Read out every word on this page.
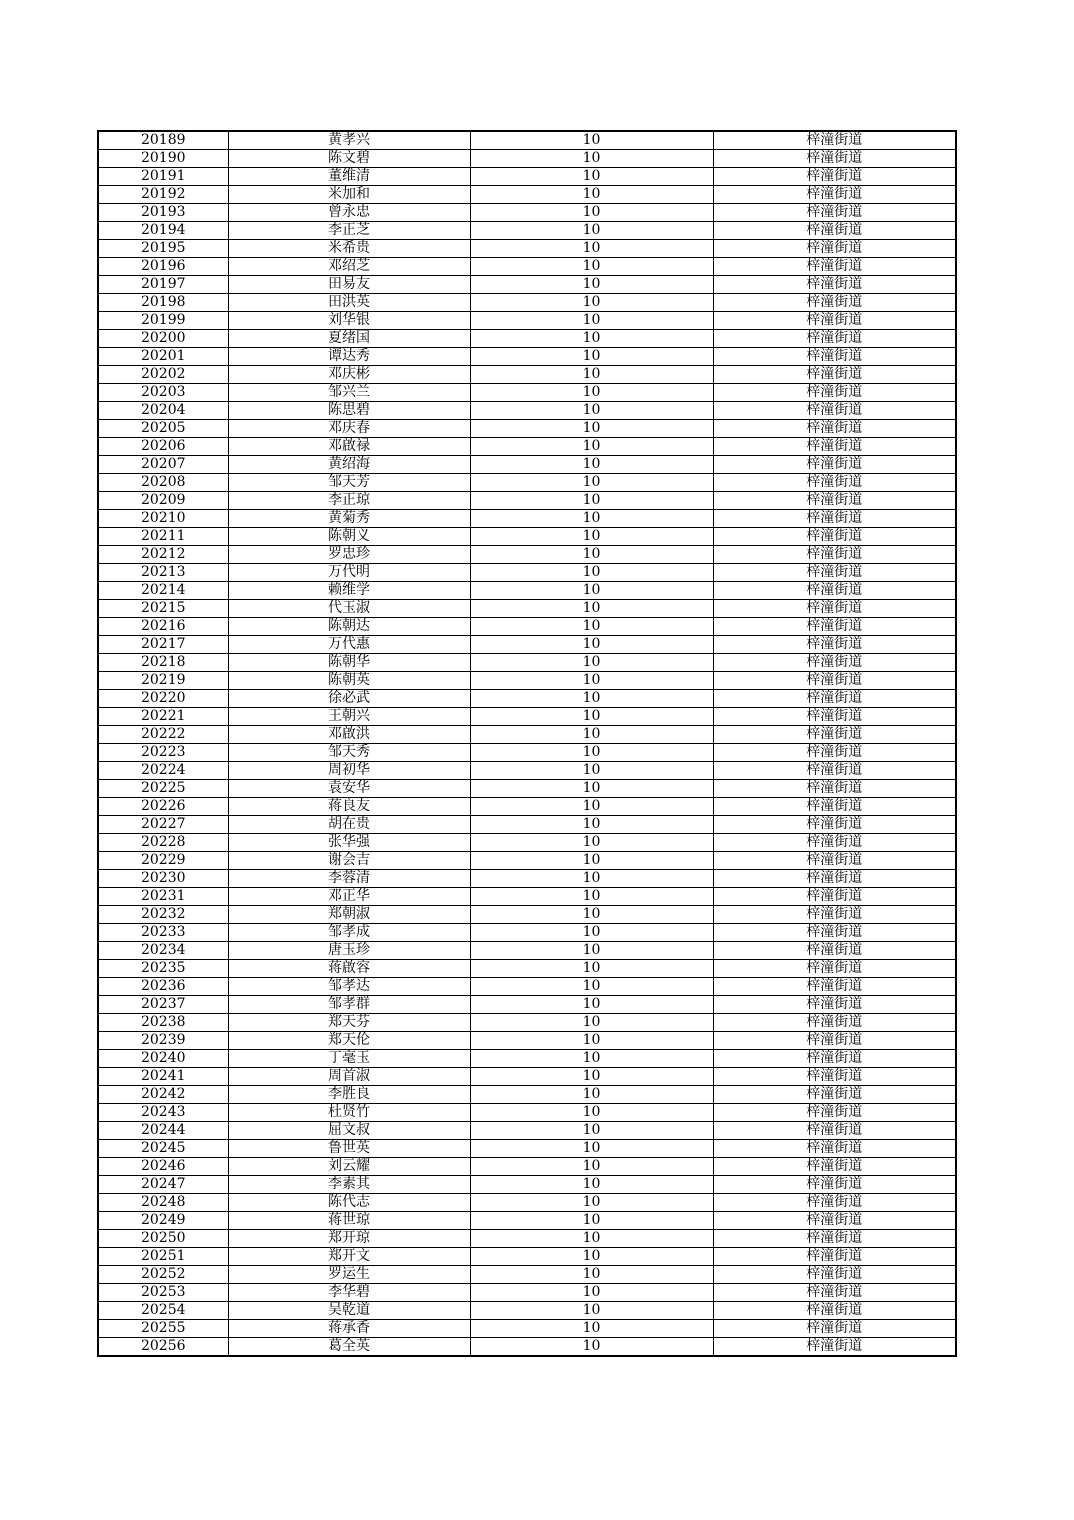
20189	黄孝兴	10	梓潼街道
20190	陈文碧	10	梓潼街道
20191	董维清	10	梓潼街道
20192	米加和	10	梓潼街道
20193	曾永忠	10	梓潼街道
20194	李正芝	10	梓潼街道
20195	米希贵	10	梓潼街道
20196	邓绍芝	10	梓潼街道
20197	田易友	10	梓潼街道
20198	田洪英	10	梓潼街道
20199	刘华银	10	梓潼街道
20200	夏绪国	10	梓潼街道
20201	谭达秀	10	梓潼街道
20202	邓庆彬	10	梓潼街道
20203	邹兴兰	10	梓潼街道
20204	陈思碧	10	梓潼街道
20205	邓庆春	10	梓潼街道
20206	邓啟禄	10	梓潼街道
20207	黄绍海	10	梓潼街道
20208	邹天芳	10	梓潼街道
20209	李正琼	10	梓潼街道
20210	黄菊秀	10	梓潼街道
20211	陈朝义	10	梓潼街道
20212	罗忠珍	10	梓潼街道
20213	万代明	10	梓潼街道
20214	赖维学	10	梓潼街道
20215	代玉淑	10	梓潼街道
20216	陈朝达	10	梓潼街道
20217	万代惠	10	梓潼街道
20218	陈朝华	10	梓潼街道
20219	陈朝英	10	梓潼街道
20220	徐必武	10	梓潼街道
20221	王朝兴	10	梓潼街道
20222	邓啟洪	10	梓潼街道
20223	邹天秀	10	梓潼街道
20224	周初华	10	梓潼街道
20225	袁安华	10	梓潼街道
20226	蒋良友	10	梓潼街道
20227	胡在贵	10	梓潼街道
20228	张华强	10	梓潼街道
20229	谢会吉	10	梓潼街道
20230	李蓉清	10	梓潼街道
20231	邓正华	10	梓潼街道
20232	郑朝淑	10	梓潼街道
20233	邹孝成	10	梓潼街道
20234	唐玉珍	10	梓潼街道
20235	蒋啟容	10	梓潼街道
20236	邹孝达	10	梓潼街道
20237	邹孝群	10	梓潼街道
20238	郑天芬	10	梓潼街道
20239	郑天伦	10	梓潼街道
20240	丁毫玉	10	梓潼街道
20241	周首淑	10	梓潼街道
20242	李胜良	10	梓潼街道
20243	杜贤竹	10	梓潼街道
20244	屈文叔	10	梓潼街道
20245	鲁世英	10	梓潼街道
20246	刘云耀	10	梓潼街道
20247	李素其	10	梓潼街道
20248	陈代志	10	梓潼街道
20249	蒋世琼	10	梓潼街道
20250	郑开琼	10	梓潼街道
20251	郑开文	10	梓潼街道
20252	罗运生	10	梓潼街道
20253	李华碧	10	梓潼街道
20254	吴乾道	10	梓潼街道
20255	蒋承香	10	梓潼街道
20256	葛全英	10	梓潼街道
